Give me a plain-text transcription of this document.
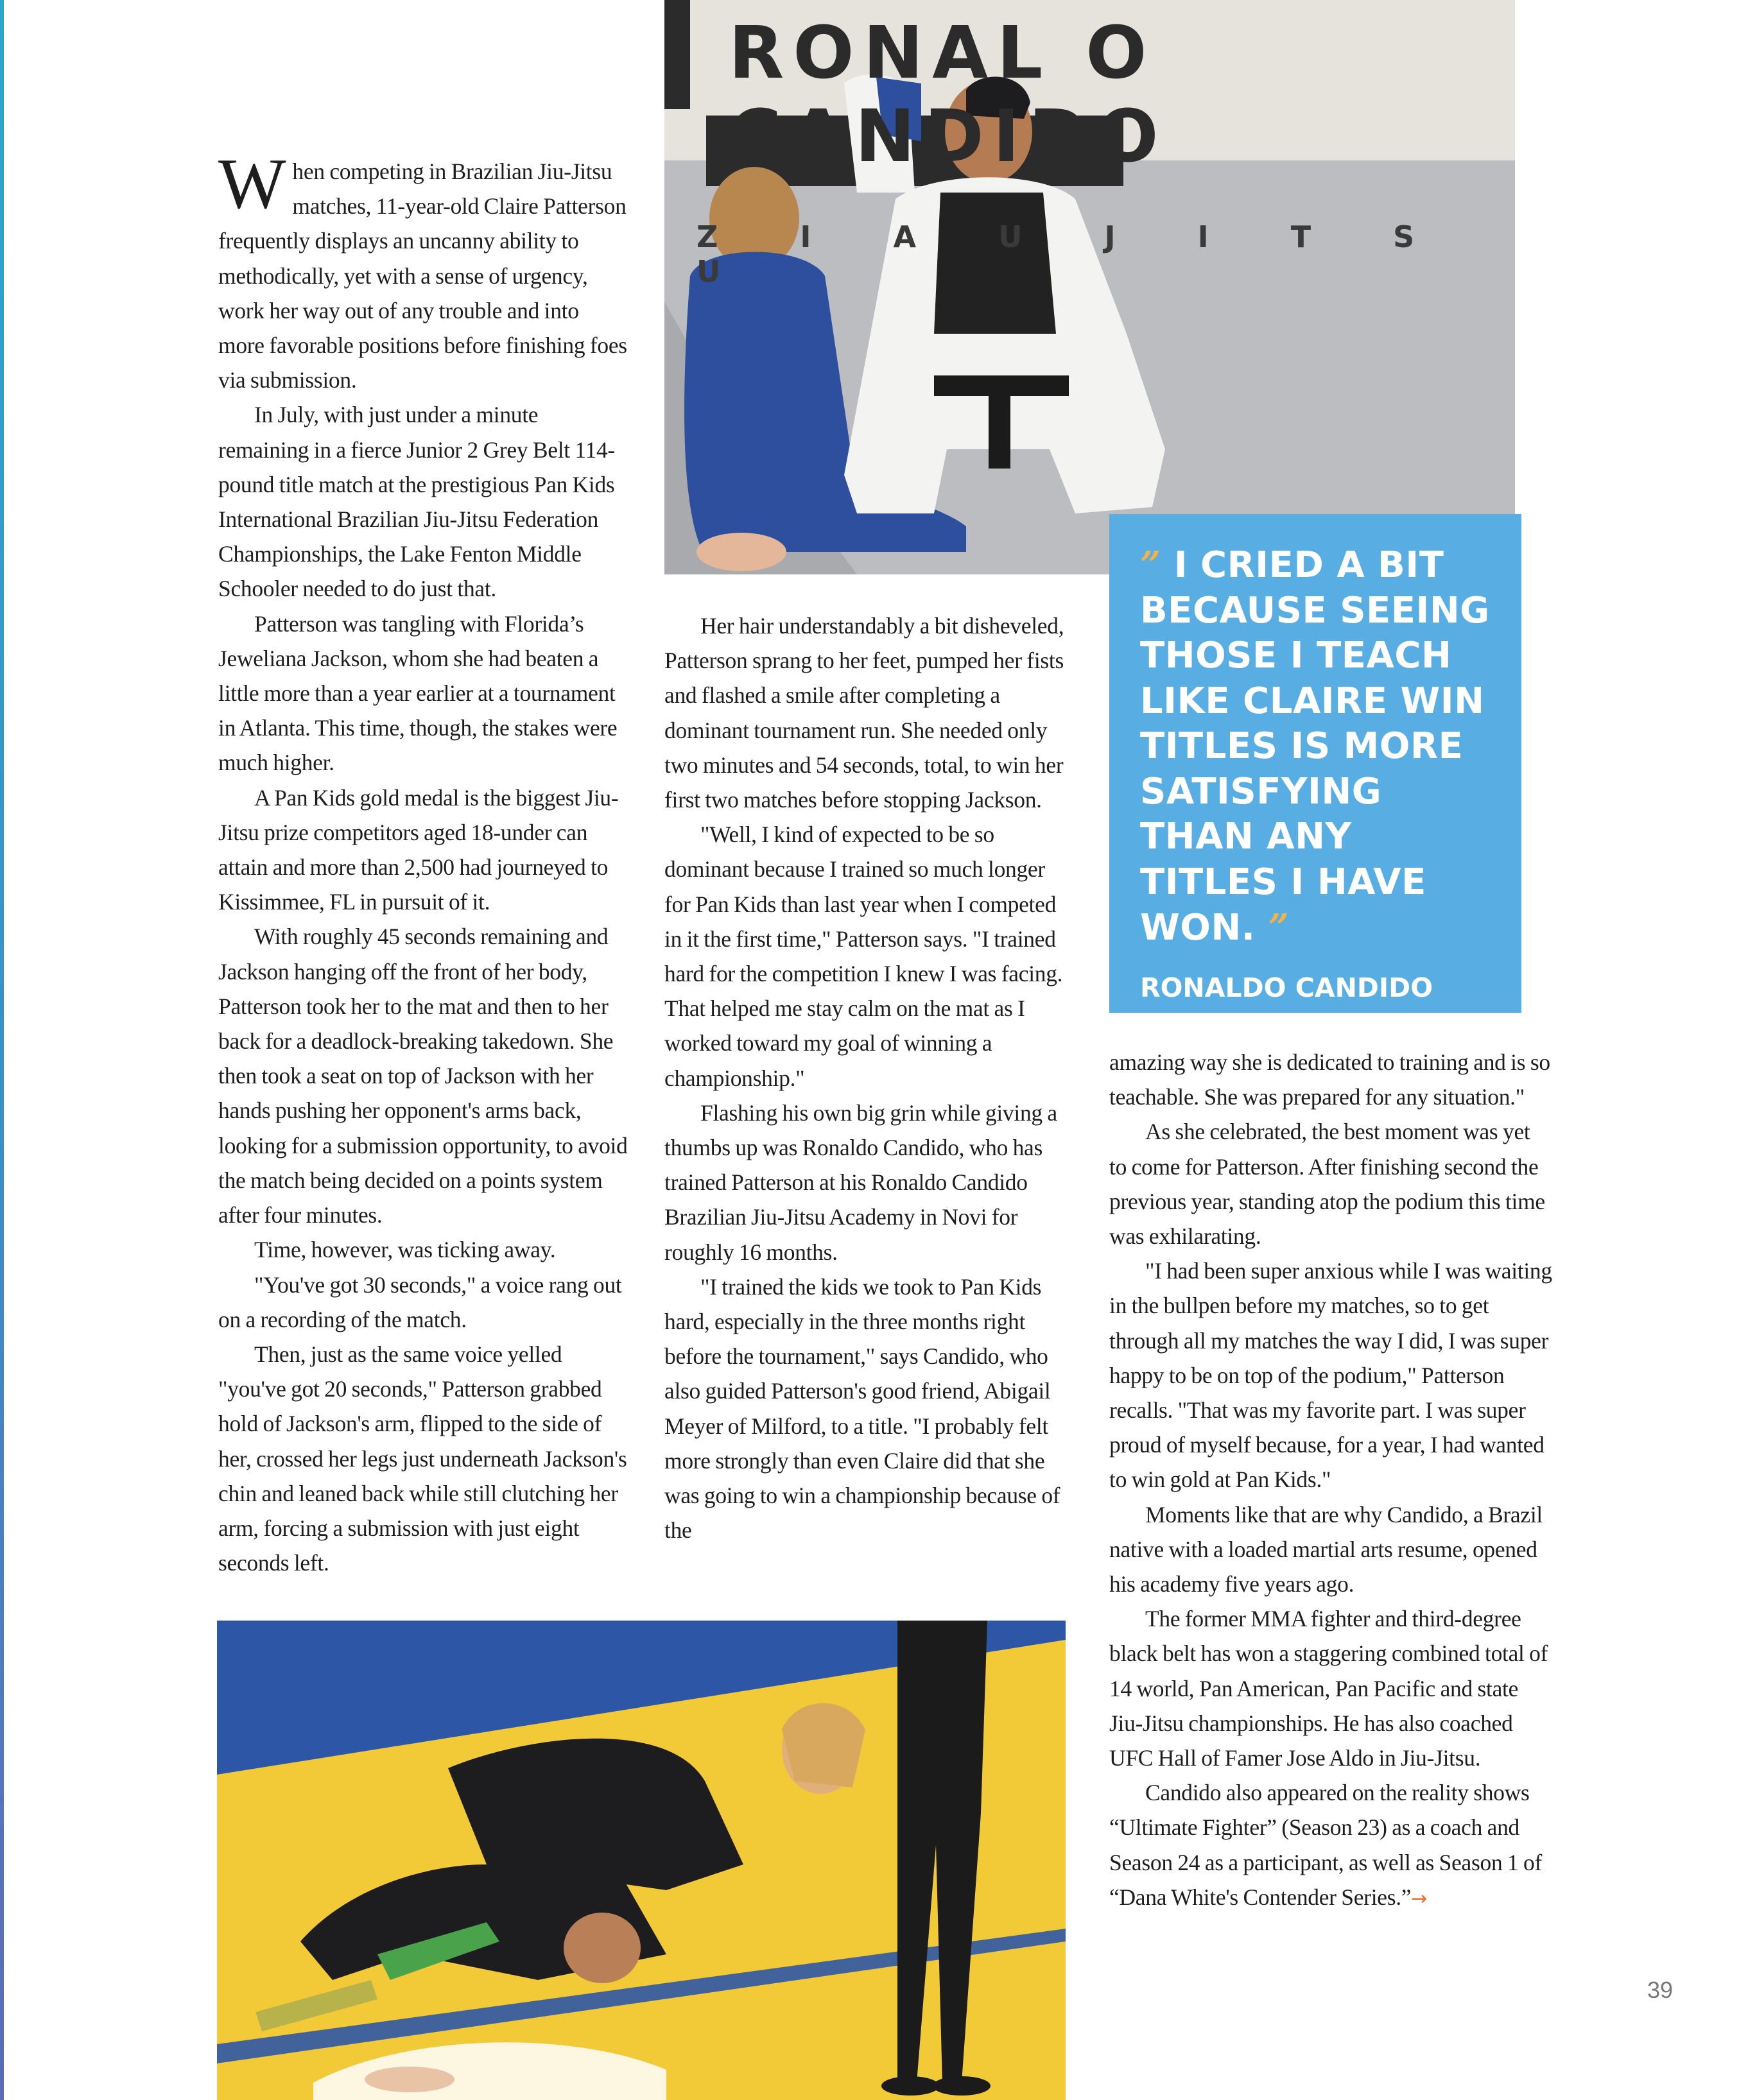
RONAL O CANDIDO
Z I A U J I T S U

When competing in Brazilian Jiu-Jitsu matches, 11-year-old Claire Patterson frequently displays an uncanny ability to methodically, yet with a sense of urgency, work her way out of any trouble and into more favorable positions before finishing foes via submission.

In July, with just under a minute remaining in a fierce Junior 2 Grey Belt 114-pound title match at the prestigious Pan Kids International Brazilian Jiu-Jitsu Federation Championships, the Lake Fenton Middle Schooler needed to do just that.

Patterson was tangling with Florida’s Jeweliana Jackson, whom she had beaten a little more than a year earlier at a tournament in Atlanta. This time, though, the stakes were much higher.

A Pan Kids gold medal is the biggest Jiu-Jitsu prize competitors aged 18-under can attain and more than 2,500 had journeyed to Kissimmee, FL in pursuit of it.

With roughly 45 seconds remaining and Jackson hanging off the front of her body, Patterson took her to the mat and then to her back for a deadlock-breaking takedown. She then took a seat on top of Jackson with her hands pushing her opponent's arms back, looking for a submission opportunity, to avoid the match being decided on a points system after four minutes.

Time, however, was ticking away.

"You've got 30 seconds," a voice rang out on a recording of the match.

Then, just as the same voice yelled "you've got 20 seconds," Patterson grabbed hold of Jackson's arm, flipped to the side of her, crossed her legs just underneath Jackson's chin and leaned back while still clutching her arm, forcing a submission with just eight seconds left.

Her hair understandably a bit disheveled, Patterson sprang to her feet, pumped her fists and flashed a smile after completing a dominant tournament run. She needed only two minutes and 54 seconds, total, to win her first two matches before stopping Jackson.

"Well, I kind of expected to be so dominant because I trained so much longer for Pan Kids than last year when I competed in it the first time," Patterson says. "I trained hard for the competition I knew I was facing. That helped me stay calm on the mat as I worked toward my goal of winning a championship."

Flashing his own big grin while giving a thumbs up was Ronaldo Candido, who has trained Patterson at his Ronaldo Candido Brazilian Jiu-Jitsu Academy in Novi for roughly 16 months.

"I trained the kids we took to Pan Kids hard, especially in the three months right before the tournament," says Candido, who also guided Patterson's good friend, Abigail Meyer of Milford, to a title. "I probably felt more strongly than even Claire did that she was going to win a championship because of the

” I CRIED A BIT BECAUSE SEEING THOSE I TEACH LIKE CLAIRE WIN TITLES IS MORE SATISFYING THAN ANY TITLES I HAVE WON. ”
RONALDO CANDIDO
COACH

amazing way she is dedicated to training and is so teachable. She was prepared for any situation."

As she celebrated, the best moment was yet to come for Patterson. After finishing second the previous year, standing atop the podium this time was exhilarating.

"I had been super anxious while I was waiting in the bullpen before my matches, so to get through all my matches the way I did, I was super happy to be on top of the podium," Patterson recalls. "That was my favorite part. I was super proud of myself because, for a year, I had wanted to win gold at Pan Kids."

Moments like that are why Candido, a Brazil native with a loaded martial arts resume, opened his academy five years ago.

The former MMA fighter and third-degree black belt has won a staggering combined total of 14 world, Pan American, Pan Pacific and state Jiu-Jitsu championships. He has also coached UFC Hall of Famer Jose Aldo in Jiu-Jitsu.

Candido also appeared on the reality shows “Ultimate Fighter” (Season 23) as a coach and Season 24 as a participant, as well as Season 1 of “Dana White's Contender Series.”→

39
